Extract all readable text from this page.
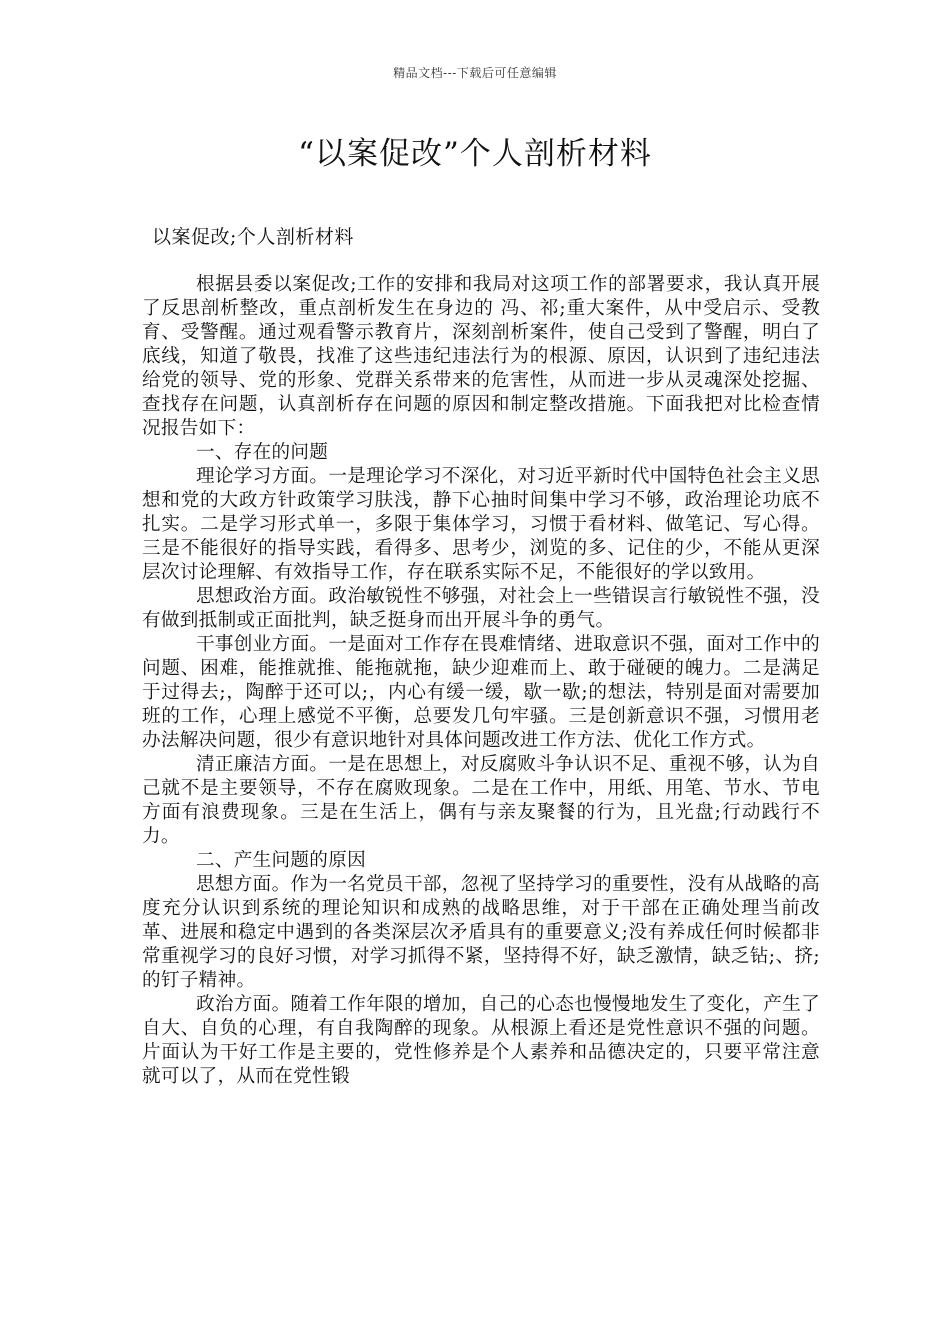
精品文档---下载后可任意编辑
“以案促改”个人剖析材料
以案促改;个人剖析材料

根据县委以案促改;工作的安排和我局对这项工作的部署要求，我认真开展了反思剖析整改，重点剖析发生在身边的 冯、祁;重大案件，从中受启示、受教育、受警醒。通过观看警示教育片，深刻剖析案件，使自己受到了警醒，明白了底线，知道了敬畏，找准了这些违纪违法行为的根源、原因，认识到了违纪违法给党的领导、党的形象、党群关系带来的危害性，从而进一步从灵魂深处挖掘、查找存在问题，认真剖析存在问题的原因和制定整改措施。下面我把对比检查情况报告如下：

一、存在的问题

理论学习方面。一是理论学习不深化，对习近平新时代中国特色社会主义思想和党的大政方针政策学习肤浅，静下心抽时间集中学习不够，政治理论功底不扎实。二是学习形式单一，多限于集体学习，习惯于看材料、做笔记、写心得。三是不能很好的指导实践，看得多、思考少，浏览的多、记住的少，不能从更深层次讨论理解、有效指导工作，存在联系实际不足，不能很好的学以致用。

思想政治方面。政治敏锐性不够强，对社会上一些错误言行敏锐性不强，没有做到抵制或正面批判，缺乏挺身而出开展斗争的勇气。

干事创业方面。一是面对工作存在畏难情绪、进取意识不强，面对工作中的问题、困难，能推就推、能拖就拖，缺少迎难而上、敢于碰硬的魄力。二是满足于过得去;，陶醉于还可以;，内心有缓一缓，歇一歇;的想法，特别是面对需要加班的工作，心理上感觉不平衡，总要发几句牢骚。三是创新意识不强，习惯用老办法解决问题，很少有意识地针对具体问题改进工作方法、优化工作方式。

清正廉洁方面。一是在思想上，对反腐败斗争认识不足、重视不够，认为自己就不是主要领导，不存在腐败现象。二是在工作中，用纸、用笔、节水、节电方面有浪费现象。三是在生活上，偶有与亲友聚餐的行为，且光盘;行动践行不力。

二、产生问题的原因

思想方面。作为一名党员干部，忽视了坚持学习的重要性，没有从战略的高度充分认识到系统的理论知识和成熟的战略思维，对于干部在正确处理当前改革、进展和稳定中遇到的各类深层次矛盾具有的重要意义;没有养成任何时候都非常重视学习的良好习惯，对学习抓得不紧，坚持得不好，缺乏激情，缺乏钻;、挤;的钉子精神。

政治方面。随着工作年限的增加，自己的心态也慢慢地发生了变化，产生了自大、自负的心理，有自我陶醉的现象。从根源上看还是党性意识不强的问题。片面认为干好工作是主要的，党性修养是个人素养和品德决定的，只要平常注意就可以了，从而在党性锻
